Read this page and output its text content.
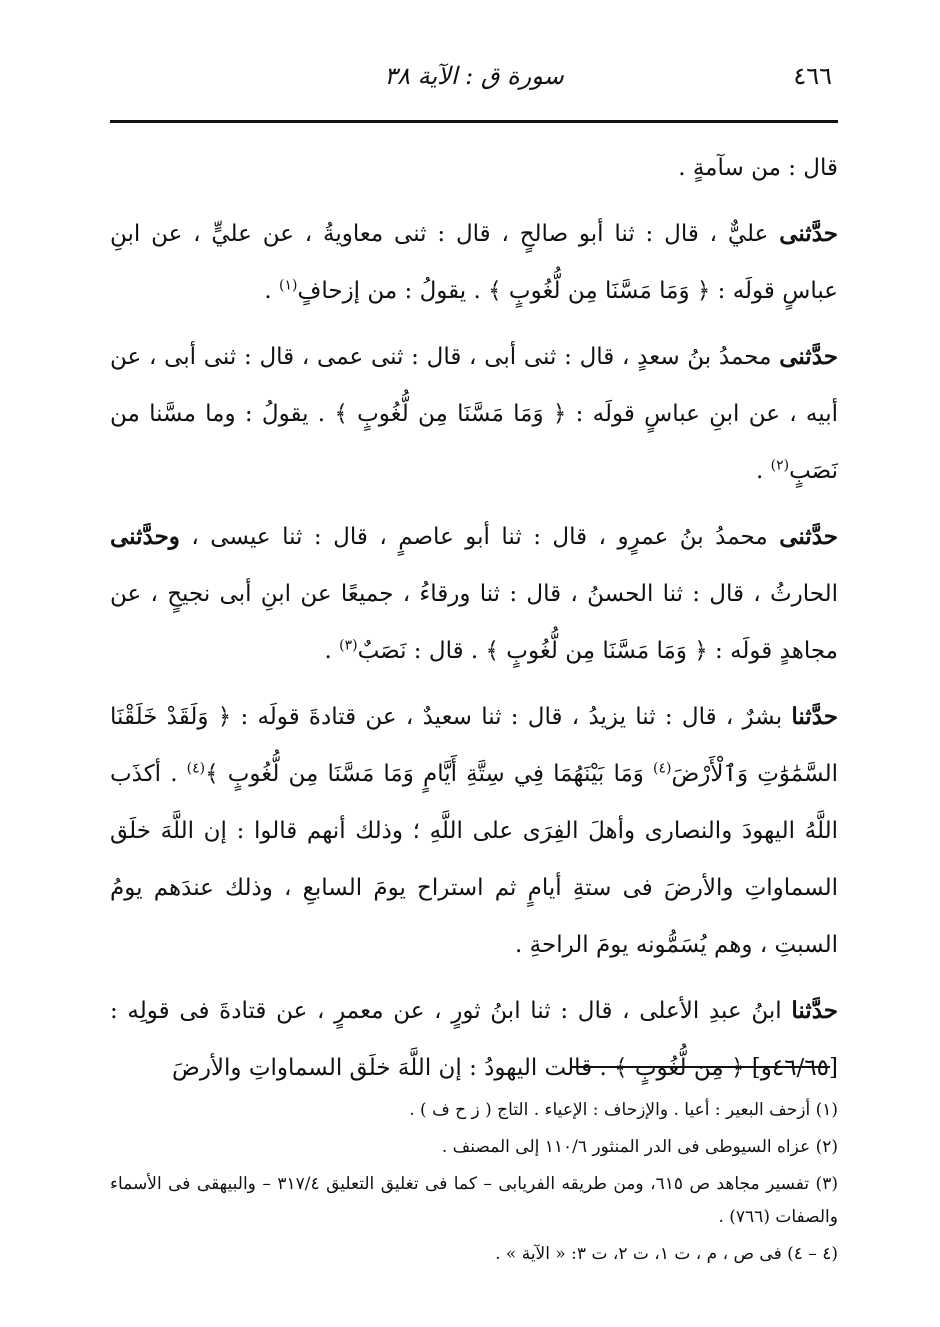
٤٦٦
سورة ق : الآية ٣٨

قال : من سآمةٍ .

حدَّثنى عليٌّ ، قال : ثنا أبو صالحٍ ، قال : ثنى معاويةُ ، عن عليٍّ ، عن ابنِ عباسٍ قولَه : ﴿ وَمَا مَسَّنَا مِن لُّغُوبٍ ﴾ . يقولُ : من إزحافٍ$^{(١)}$ .

حدَّثنى محمدُ بنُ سعدٍ ، قال : ثنى أبى ، قال : ثنى عمى ، قال : ثنى أبى ، عن أبيه ، عن ابنِ عباسٍ قولَه : ﴿ وَمَا مَسَّنَا مِن لُّغُوبٍ ﴾ . يقولُ : وما مسَّنا من نَصَبٍ$^{(٢)}$ .

حدَّثنى محمدُ بنُ عمرٍو ، قال : ثنا أبو عاصمٍ ، قال : ثنا عيسى ، وحدَّثنى الحارثُ ، قال : ثنا الحسنُ ، قال : ثنا ورقاءُ ، جميعًا عن ابنِ أبى نجيحٍ ، عن مجاهدٍ قولَه : ﴿ وَمَا مَسَّنَا مِن لُّغُوبٍ ﴾ . قال : نَصَبٌ$^{(٣)}$ .

حدَّثنا بشرٌ ، قال : ثنا يزيدُ ، قال : ثنا سعيدٌ ، عن قتادةَ قولَه : ﴿ وَلَقَدْ خَلَقْنَا السَّمَٰوَٰتِ وَٱلْأَرْضَ$^{(٤)}$ وَمَا بَيْنَهُمَا فِي سِتَّةِ أَيَّامٍ وَمَا مَسَّنَا مِن لُّغُوبٍ ﴾$^{(٤)}$ . أكذَب اللَّهُ اليهودَ والنصارى وأهلَ الفِرَى على اللَّهِ ؛ وذلك أنهم قالوا : إن اللَّهَ خلَق السماواتِ والأرضَ فى ستةِ أيامٍ ثم استراح يومَ السابعِ ، وذلك عندَهم يومُ السبتِ ، وهم يُسَمُّونه يومَ الراحةِ .

حدَّثنا ابنُ عبدِ الأعلى ، قال : ثنا ابنُ ثورٍ ، عن معمرٍ ، عن قتادةَ فى قولِه : [٤٦/٦٥و] ﴿ مِن لُّغُوبٍ ﴾ . قالت اليهودُ : إن اللَّهَ خلَق السماواتِ والأرضَ

(١) أزحف البعير : أعيا . والإزحاف : الإعياء . التاج ( ز ح ف ) .

(٢) عزاه السيوطى فى الدر المنثور ١١٠/٦ إلى المصنف .

(٣) تفسير مجاهد ص ٦١٥، ومن طريقه الفريابى – كما فى تغليق التعليق ٣١٧/٤ – والبيهقى فى الأسماء والصفات (٧٦٦) .

(٤ – ٤) فى ص ، م ، ت ١، ت ٢، ت ٣: « الآية » .
